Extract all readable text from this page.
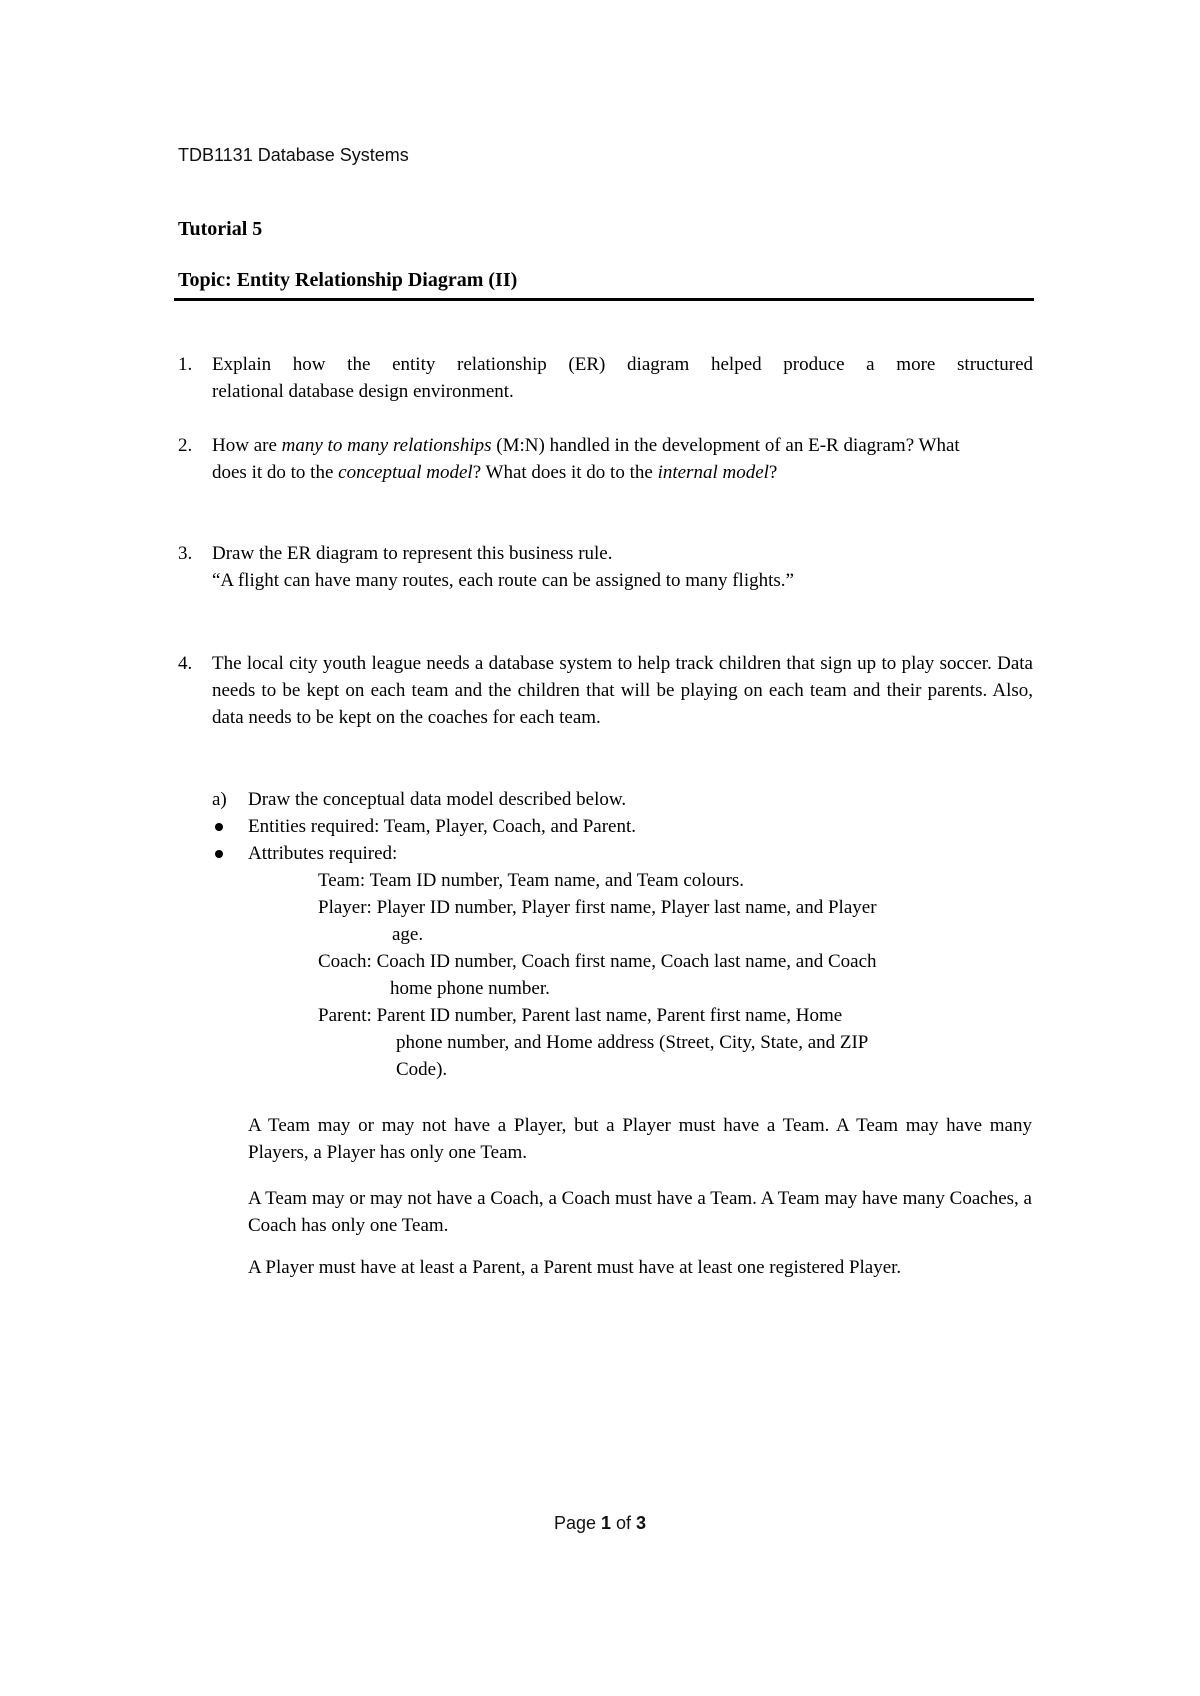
TDB1131 Database Systems
Tutorial 5
Topic: Entity Relationship Diagram (II)
1.	Explain how the entity relationship (ER) diagram helped produce a more structured
relational database design environment.
2.	How are many to many relationships (M:N) handled in the development of an E-R diagram? What does it do to the conceptual model? What does it do to the internal model?
3.	Draw the ER diagram to represent this business rule.
“A flight can have many routes, each route can be assigned to many flights.”
4.	The local city youth league needs a database system to help track children that sign up to play soccer. Data needs to be kept on each team and the children that will be playing on each team and their parents. Also, data needs to be kept on the coaches for each team.
a)	Draw the conceptual data model described below.
Entities required: Team, Player, Coach, and Parent.
Attributes required:
Team: Team ID number, Team name, and Team colours.
Player: Player ID number, Player first name, Player last name, and Player
age.
Coach: Coach ID number, Coach first name, Coach last name, and Coach
home phone number.
Parent: Parent ID number, Parent last name, Parent first name, Home
phone number, and Home address (Street, City, State, and ZIP
Code).
A Team may or may not have a Player, but a Player must have a Team. A Team may have many Players, a Player has only one Team.
A Team may or may not have a Coach, a Coach must have a Team. A Team may have many Coaches, a Coach has only one Team.
A Player must have at least a Parent, a Parent must have at least one registered Player.
Page 1 of 3
